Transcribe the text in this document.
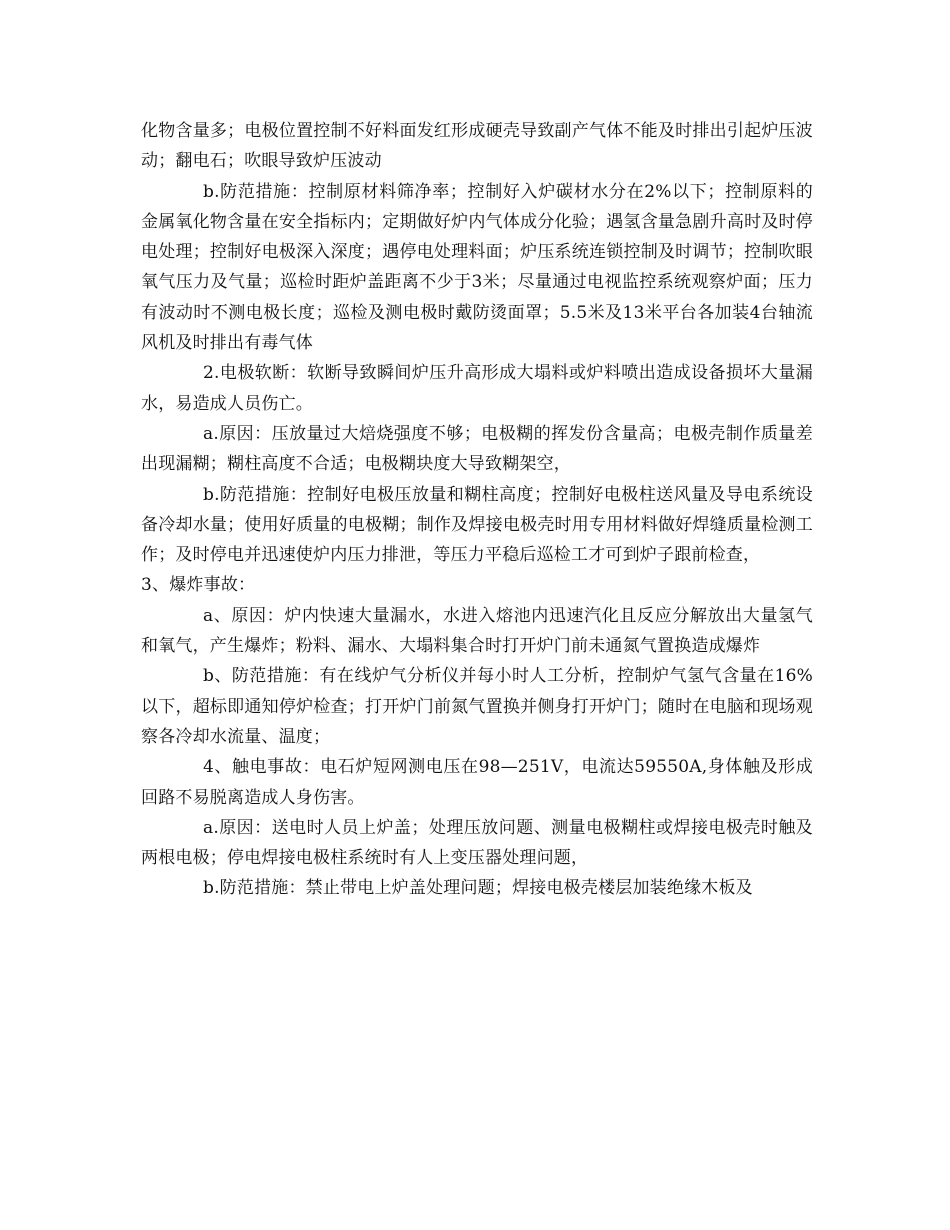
化物含量多；电极位置控制不好料面发红形成硬壳导致副产气体不能及时排出引起炉压波动；翻电石；吹眼导致炉压波动

b.防范措施：控制原材料筛净率；控制好入炉碳材水分在2%以下；控制原料的金属氧化物含量在安全指标内；定期做好炉内气体成分化验；遇氢含量急剧升高时及时停电处理；控制好电极深入深度；遇停电处理料面；炉压系统连锁控制及时调节；控制吹眼氧气压力及气量；巡检时距炉盖距离不少于3米；尽量通过电视监控系统观察炉面；压力有波动时不测电极长度；巡检及测电极时戴防烫面罩；5.5米及13米平台各加装4台轴流风机及时排出有毒气体

2.电极软断：软断导致瞬间炉压升高形成大塌料或炉料喷出造成设备损坏大量漏水，易造成人员伤亡。

a.原因：压放量过大焙烧强度不够；电极糊的挥发份含量高；电极壳制作质量差出现漏糊；糊柱高度不合适；电极糊块度大导致糊架空，

b.防范措施：控制好电极压放量和糊柱高度；控制好电极柱送风量及导电系统设备冷却水量；使用好质量的电极糊；制作及焊接电极壳时用专用材料做好焊缝质量检测工作；及时停电并迅速使炉内压力排泄，等压力平稳后巡检工才可到炉子跟前检查，

3、爆炸事故：

a、原因：炉内快速大量漏水，水进入熔池内迅速汽化且反应分解放出大量氢气和氧气，产生爆炸；粉料、漏水、大塌料集合时打开炉门前未通氮气置换造成爆炸

b、防范措施：有在线炉气分析仪并每小时人工分析，控制炉气氢气含量在16%以下，超标即通知停炉检查；打开炉门前氮气置换并侧身打开炉门；随时在电脑和现场观察各冷却水流量、温度；

4、触电事故：电石炉短网测电压在98—251V，电流达59550A,身体触及形成回路不易脱离造成人身伤害。

a.原因：送电时人员上炉盖；处理压放问题、测量电极糊柱或焊接电极壳时触及两根电极；停电焊接电极柱系统时有人上变压器处理问题，

b.防范措施：禁止带电上炉盖处理问题；焊接电极壳楼层加装绝缘木板及
